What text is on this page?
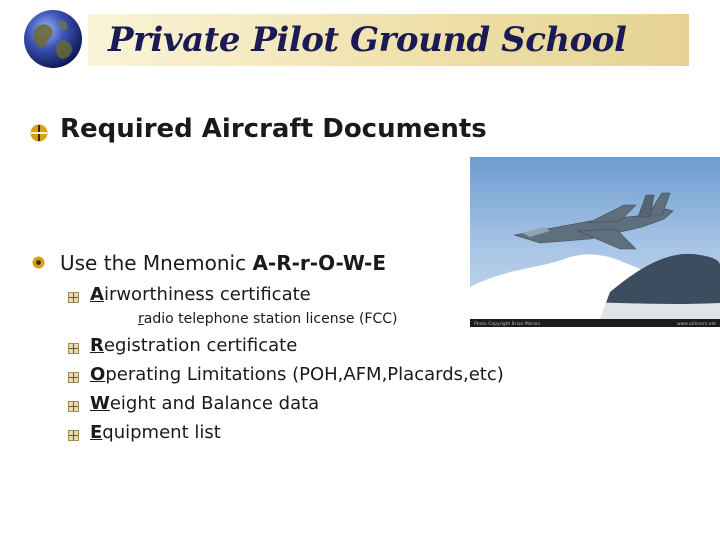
Private Pilot Ground School
Required Aircraft Documents
Photo Copyright Brian Marion	www.airliners.net
Use the Mnemonic A-R-r-O-W-E
Airworthiness certificate
radio telephone station license (FCC)
Registration certificate
Operating Limitations (POH,AFM,Placards,etc)
Weight and Balance data
Equipment list
